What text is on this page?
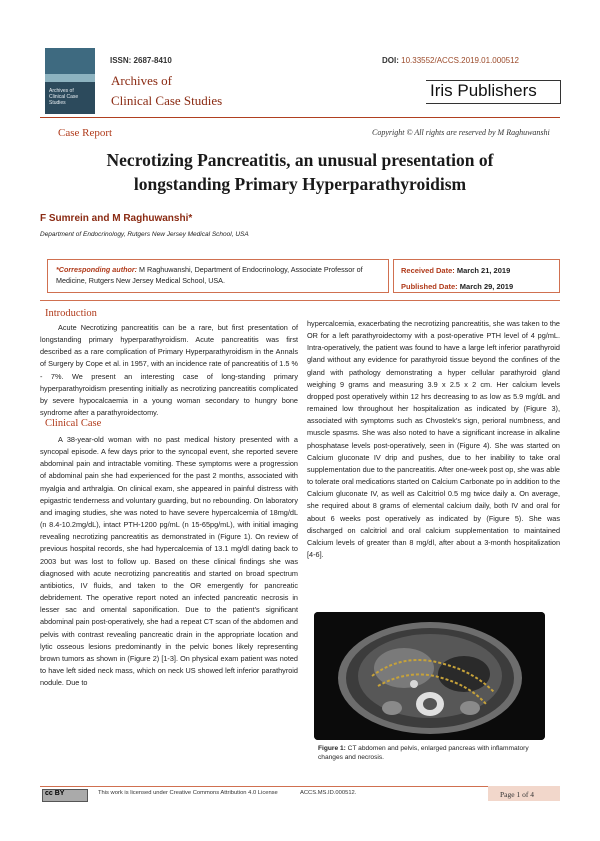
Archives of Clinical Case Studies
ISSN: 2687-8410
Archives of
Clinical Case Studies
DOI: 10.33552/ACCS.2019.01.000512
Iris Publishers
Case Report	Copyright © All rights are reserved by M Raghuwanshi
Necrotizing Pancreatitis, an unusual presentation of
longstanding Primary Hyperparathyroidism
F Sumrein and M Raghuwanshi*
Department of Endocrinology, Rutgers New Jersey Medical School, USA
*Corresponding author: M Raghuwanshi, Department of Endocrinology, Associate Professor of Medicine, Rutgers New Jersey Medical School, USA.
Received Date: March 21, 2019
Published Date: March 29, 2019
Introduction
Acute Necrotizing pancreatitis can be a rare, but first presentation of longstanding primary hyperparathyroidism. Acute pancreatitis was first described as a rare complication of Primary Hyperparathyroidism in the Annals of Surgery by Cope et al. in 1957, with an incidence rate of pancreatitis of 1.5 % - 7%. We present an interesting case of long-standing primary hyperparathyroidism presenting initially as necrotizing pancreatitis complicated by severe hypocalcaemia in a young woman secondary to hungry bone syndrome after a parathyroidectomy.
Clinical Case
A 38-year-old woman with no past medical history presented with a syncopal episode. A few days prior to the syncopal event, she reported severe abdominal pain and intractable vomiting. These symptoms were a progression of abdominal pain she had experienced for the past 2 months, associated with myalgia and arthralgia. On clinical exam, she appeared in painful distress with epigastric tenderness and voluntary guarding, but no rebounding. On laboratory and imaging studies, she was noted to have severe hypercalcemia of 18mg/dL (n 8.4-10.2mg/dL), intact PTH-1200 pg/mL (n 15-65pg/mL), with initial imaging revealing necrotizing pancreatitis as demonstrated in (Figure 1). On review of previous hospital records, she had hypercalcemia of 13.1 mg/dl dating back to 2003 but was lost to follow up. Based on these clinical findings she was diagnosed with acute necrotizing pancreatitis and started on broad spectrum antibiotics, IV fluids, and taken to the OR emergently for pancreatic debridement. The operative report noted an infected pancreatic necrosis in lesser sac and omental saponification. Due to the patient's significant abdominal pain post-operatively, she had a repeat CT scan of the abdomen and pelvis with contrast revealing pancreatic drain in the appropriate location and lytic osseous lesions predominantly in the pelvic bones likely representing brown tumors as shown in (Figure 2) [1-3]. On physical exam patient was noted to have left sided neck mass, which on neck US showed left inferior parathyroid nodule. Due to
hypercalcemia, exacerbating the necrotizing pancreatitis, she was taken to the OR for a left parathyroidectomy with a post-operative PTH level of 4 pg/mL. Intra-operatively, the patient was found to have a large left inferior parathyroid gland without any evidence for parathyroid tissue beyond the confines of the gland with pathology demonstrating a hyper cellular parathyroid gland weighing 9 grams and measuring 3.9 x 2.5 x 2 cm. Her calcium levels dropped post operatively within 12 hrs decreasing to as low as 5.9 mg/dL and remained low throughout her hospitalization as indicated by (Figure 3), associated with symptoms such as Chvostek's sign, perioral numbness, and muscle spasms. She was also noted to have a significant increase in alkaline phosphatase levels post-operatively, seen in (Figure 4). She was started on Calcium gluconate IV drip and pushes, due to her inability to take oral supplementation due to the pancreatitis. After one-week post op, she was able to tolerate oral medications started on Calcium Carbonate po in addition to the Calcium gluconate IV, as well as Calcitriol 0.5 mg twice daily a. On average, she required about 8 grams of elemental calcium daily, both IV and oral for about 6 weeks post operatively as indicated by (Figure 5). She was discharged on calcitriol and oral calcium supplementation to maintained Calcium levels of greater than 8 mg/dl, after about a 3-month hospitalization [4-6].
Figure 1: CT abdomen and pelvis, enlarged pancreas with inflammatory changes and necrosis.
cc BY	This work is licensed under Creative Commons Attribution 4.0 License	ACCS.MS.ID.000512.	Page 1 of 4
